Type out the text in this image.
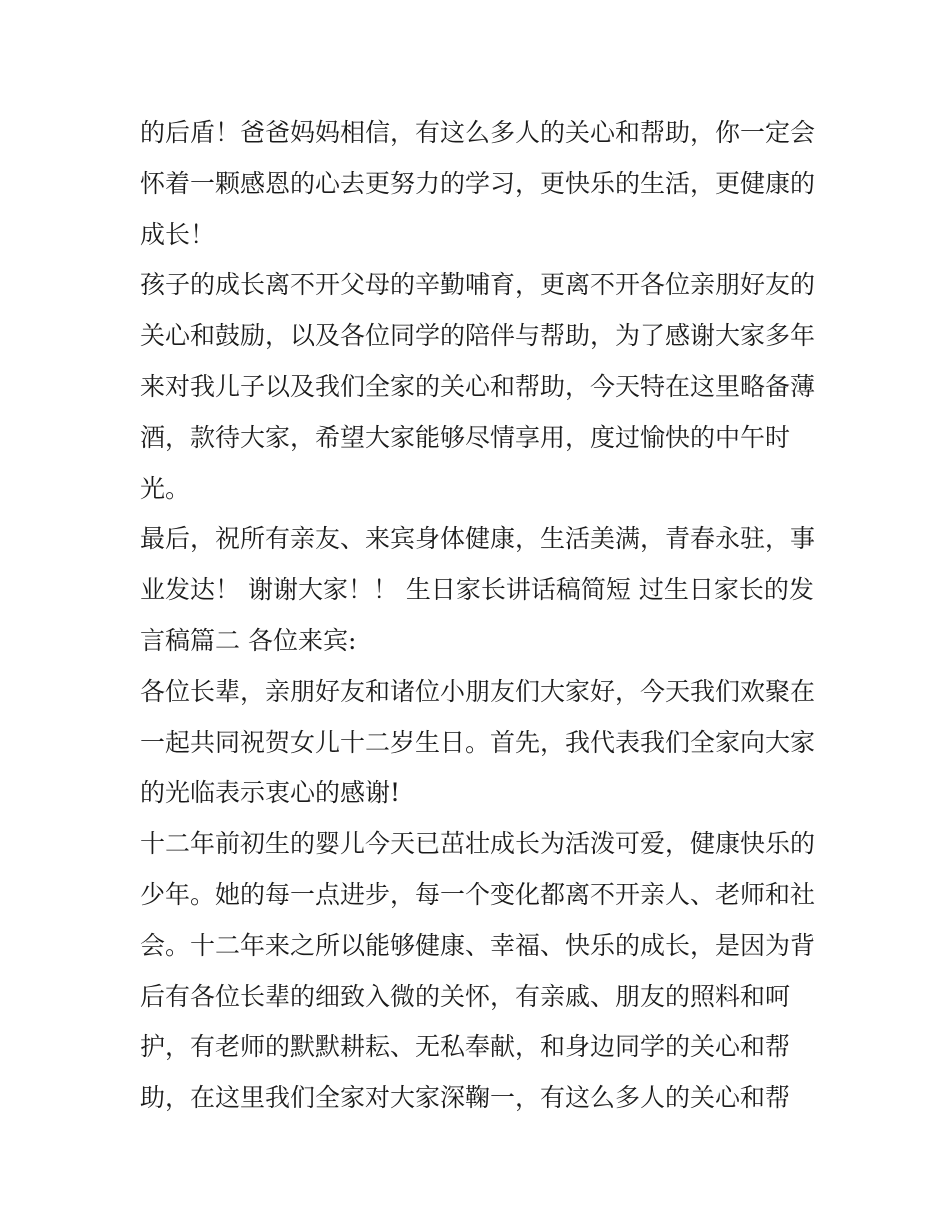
的后盾！爸爸妈妈相信，有这么多人的关心和帮助，你一定会
怀着一颗感恩的心去更努力的学习，更快乐的生活，更健康的
成长！
孩子的成长离不开父母的辛勤哺育，更离不开各位亲朋好友的
关心和鼓励，以及各位同学的陪伴与帮助，为了感谢大家多年
来对我儿子以及我们全家的关心和帮助，今天特在这里略备薄
酒，款待大家，希望大家能够尽情享用，度过愉快的中午时
光。
最后，祝所有亲友、来宾身体健康，生活美满，青春永驻，事
业发达！ 谢谢大家！！ 生日家长讲话稿简短 过生日家长的发
言稿篇二 各位来宾:
各位长辈，亲朋好友和诸位小朋友们大家好，今天我们欢聚在
一起共同祝贺女儿十二岁生日。首先，我代表我们全家向大家
的光临表示衷心的感谢!
十二年前初生的婴儿今天已茁壮成长为活泼可爱，健康快乐的
少年。她的每一点进步，每一个变化都离不开亲人、老师和社
会。十二年来之所以能够健康、幸福、快乐的成长，是因为背
后有各位长辈的细致入微的关怀，有亲戚、朋友的照料和呵
护，有老师的默默耕耘、无私奉献，和身边同学的关心和帮
助，在这里我们全家对大家深鞠一，有这么多人的关心和帮
